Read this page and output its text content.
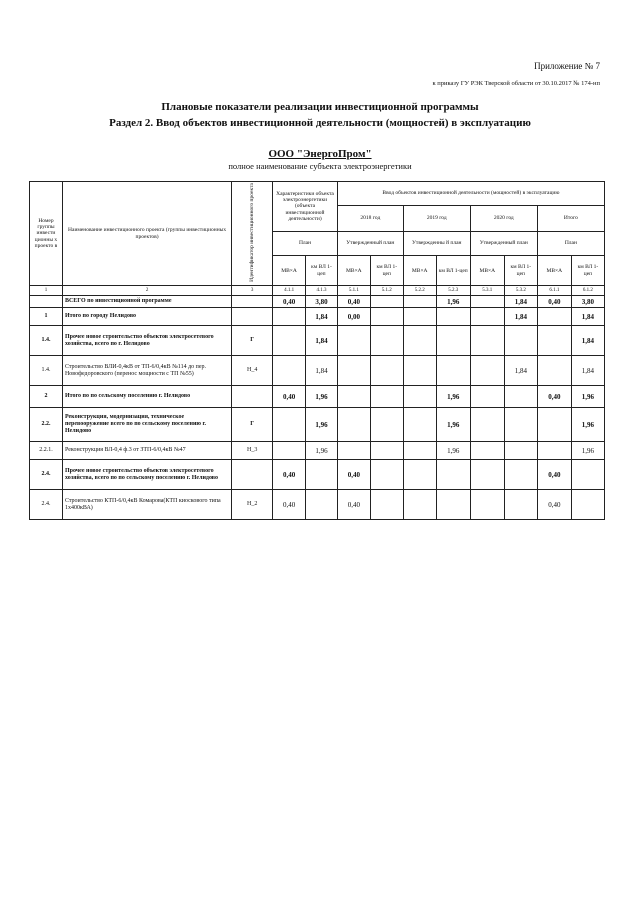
Приложение № 7
к приказу ГУ РЭК Тверской области от 30.10.2017 № 174-нп
Плановые показатели реализации инвестиционной программы
Раздел 2. Ввод объектов инвестиционной деятельности (мощностей) в эксплуатацию
ООО "ЭнергоПром"
полное наименование субъекта электроэнергетики
Номер группы инвести ционны х проекто в	Наименование инвестиционного проекта (группы инвестиционных проектов)	Идентификатор инвестиционного проекта	Характеристики объекта электроэнергетики (объекта инвестиционной деятельности)		Ввод объектов инвестиционной деятельности (мощностей) в эксплуатацию							
					2018 год		2019 год		2020 год		Итого	
			План		Утвержденный план		Утвержденны й план		Утвержденный план		План	
			МВ×А	км ВЛ 1-цеп	МВ×А	км ВЛ 1-цеп	МВ×А	км ВЛ 1-цеп	МВ×А	км ВЛ 1-цеп	МВ×А	км ВЛ 1-цеп
1	2	3	4.1.1	4.1.3	5.1.1	5.1.2	5.2.2	5.2.3	5.3.1	5.3.2	6.1.1	6.1.2
	ВСЕГО по инвестиционной программе		0,40	3,80	0,40			1,96		1,84	0,40	3,80
1	Итого по городу Нелидово			1,84	0,00					1,84		1,84
1.4.	Прочее новое строительство объектов электросетевого хозяйства, всего по г. Нелидово	Г		1,84								1,84
1.4.	Строительство ВЛИ-0,4кВ от ТП-6/0,4кВ №114 до пер. Новофедоровского (перенос мощности с ТП №55)	H_4		1,84						1,84		1,84
2	Итого по по сельскому поселению г. Нелидово		0,40	1,96				1,96			0,40	1,96
2.2.	Реконструкция, модернизация, техническое перевооружение всего по по сельскому поселению г. Нелидово	Г		1,96				1,96				1,96
2.2.1.	Реконструкция ВЛ-0,4 ф.3 от ЗТП-6/0,4кВ №47	H_3		1,96				1,96				1,96
2.4.	Прочее новое строительство объектов электросетевого хозяйства, всего по по сельскому поселению г. Нелидово		0,40		0,40						0,40	
2.4.	Строительство КТП-6/0,4кВ Комарова(КТП киоскового типа 1х400кВА)	H_2	0,40		0,40						0,40	
